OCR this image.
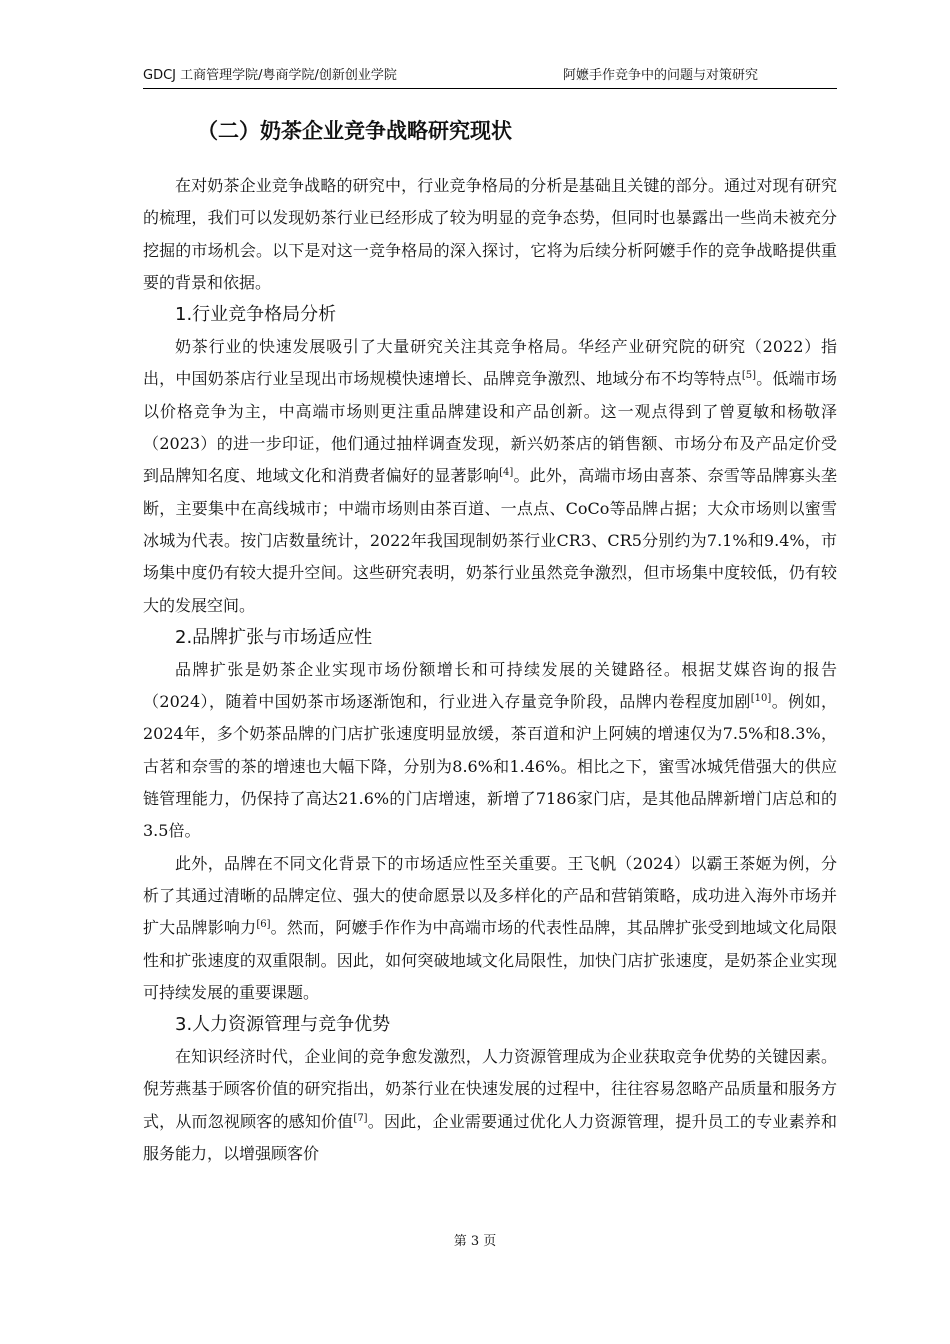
GDCJ 工商管理学院/粤商学院/创新创业学院	阿嬷手作竞争中的问题与对策研究
（二）奶茶企业竞争战略研究现状

在对奶茶企业竞争战略的研究中，行业竞争格局的分析是基础且关键的部分。通过对现有研究的梳理，我们可以发现奶茶行业已经形成了较为明显的竞争态势，但同时也暴露出一些尚未被充分挖掘的市场机会。以下是对这一竞争格局的深入探讨，它将为后续分析阿嬷手作的竞争战略提供重要的背景和依据。

1.行业竞争格局分析

奶茶行业的快速发展吸引了大量研究关注其竞争格局。华经产业研究院的研究（2022）指出，中国奶茶店行业呈现出市场规模快速增长、品牌竞争激烈、地域分布不均等特点[5]。低端市场以价格竞争为主，中高端市场则更注重品牌建设和产品创新。这一观点得到了曾夏敏和杨敬泽（2023）的进一步印证，他们通过抽样调查发现，新兴奶茶店的销售额、市场分布及产品定价受到品牌知名度、地域文化和消费者偏好的显著影响[4]。此外，高端市场由喜茶、奈雪等品牌寡头垄断，主要集中在高线城市；中端市场则由茶百道、一点点、CoCo等品牌占据；大众市场则以蜜雪冰城为代表。按门店数量统计，2022年我国现制奶茶行业CR3、CR5分别约为7.1%和9.4%，市场集中度仍有较大提升空间。这些研究表明，奶茶行业虽然竞争激烈，但市场集中度较低，仍有较大的发展空间。

2.品牌扩张与市场适应性

品牌扩张是奶茶企业实现市场份额增长和可持续发展的关键路径。根据艾媒咨询的报告（2024），随着中国奶茶市场逐渐饱和，行业进入存量竞争阶段，品牌内卷程度加剧[10]。例如，2024年，多个奶茶品牌的门店扩张速度明显放缓，茶百道和沪上阿姨的增速仅为7.5%和8.3%，古茗和奈雪的茶的增速也大幅下降，分别为8.6%和1.46%。相比之下，蜜雪冰城凭借强大的供应链管理能力，仍保持了高达21.6%的门店增速，新增了7186家门店，是其他品牌新增门店总和的3.5倍。

此外，品牌在不同文化背景下的市场适应性至关重要。王飞帆（2024）以霸王茶姬为例，分析了其通过清晰的品牌定位、强大的使命愿景以及多样化的产品和营销策略，成功进入海外市场并扩大品牌影响力[6]。然而，阿嬷手作作为中高端市场的代表性品牌，其品牌扩张受到地域文化局限性和扩张速度的双重限制。因此，如何突破地域文化局限性，加快门店扩张速度，是奶茶企业实现可持续发展的重要课题。

3.人力资源管理与竞争优势

在知识经济时代，企业间的竞争愈发激烈，人力资源管理成为企业获取竞争优势的关键因素。倪芳燕基于顾客价值的研究指出，奶茶行业在快速发展的过程中，往往容易忽略产品质量和服务方式，从而忽视顾客的感知价值[7]。因此，企业需要通过优化人力资源管理，提升员工的专业素养和服务能力，以增强顾客价

第 3 页
